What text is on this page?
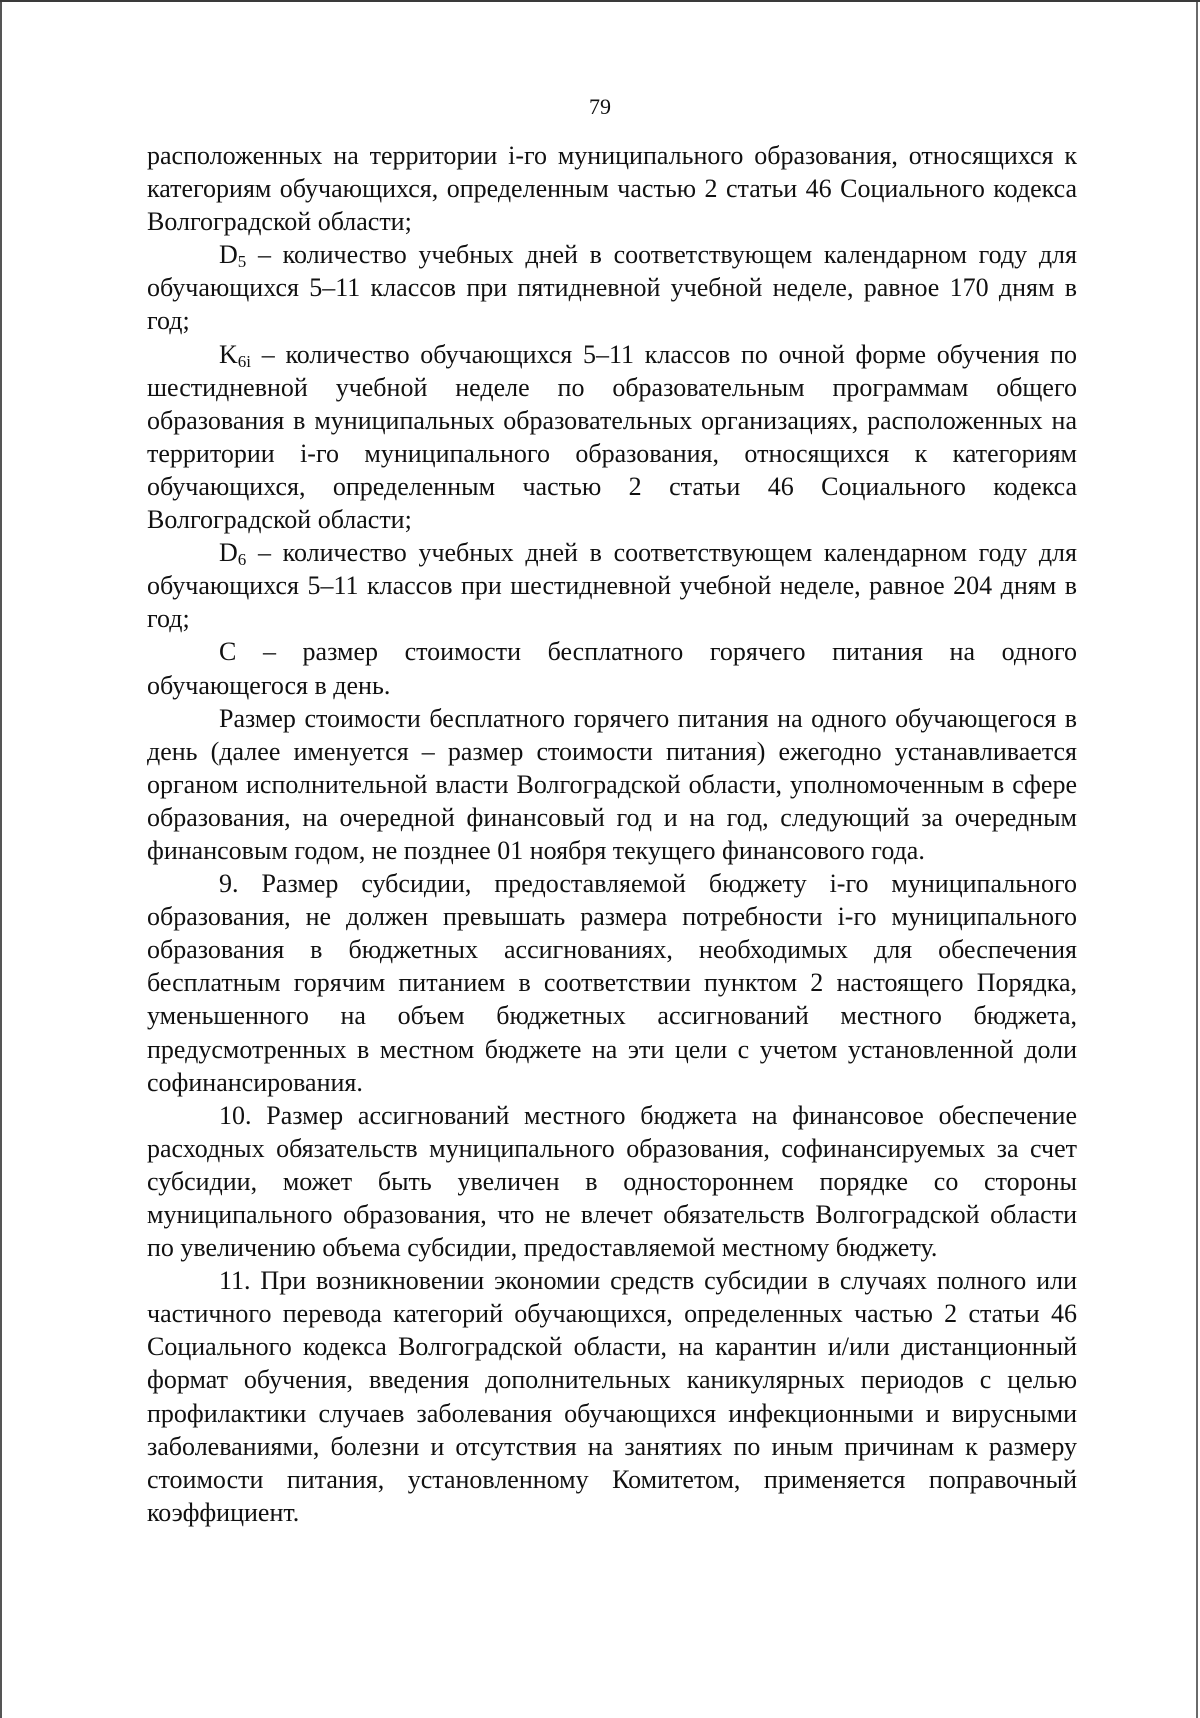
79

расположенных на территории i-го муниципального образования, относящихся к категориям обучающихся, определенным частью 2 статьи 46 Социального кодекса Волгоградской области;

$D_5$ – количество учебных дней в соответствующем календарном году для обучающихся 5–11 классов при пятидневной учебной неделе, равное 170 дням в год;

$K_{6i}$ – количество обучающихся 5–11 классов по очной форме обучения по шестидневной учебной неделе по образовательным программам общего образования в муниципальных образовательных организациях, расположенных на территории i-го муниципального образования, относящихся к категориям обучающихся, определенным частью 2 статьи 46 Социального кодекса Волгоградской области;

$D_6$ – количество учебных дней в соответствующем календарном году для обучающихся 5–11 классов при шестидневной учебной неделе, равное 204 дням в год;

С – размер стоимости бесплатного горячего питания на одного обучающегося в день.

Размер стоимости бесплатного горячего питания на одного обучающегося в день (далее именуется – размер стоимости питания) ежегодно устанавливается органом исполнительной власти Волгоградской области, уполномоченным в сфере образования, на очередной финансовый год и на год, следующий за очередным финансовым годом, не позднее 01 ноября текущего финансового года.

9. Размер субсидии, предоставляемой бюджету i-го муниципального образования, не должен превышать размера потребности i-го муниципального образования в бюджетных ассигнованиях, необходимых для обеспечения бесплатным горячим питанием в соответствии пунктом 2 настоящего Порядка, уменьшенного на объем бюджетных ассигнований местного бюджета, предусмотренных в местном бюджете на эти цели с учетом установленной доли софинансирования.

10. Размер ассигнований местного бюджета на финансовое обеспечение расходных обязательств муниципального образования, софинансируемых за счет субсидии, может быть увеличен в одностороннем порядке со стороны муниципального образования, что не влечет обязательств Волгоградской области по увеличению объема субсидии, предоставляемой местному бюджету.

11. При возникновении экономии средств субсидии в случаях полного или частичного перевода категорий обучающихся, определенных частью 2 статьи 46 Социального кодекса Волгоградской области, на карантин и/или дистанционный формат обучения, введения дополнительных каникулярных периодов с целью профилактики случаев заболевания обучающихся инфекционными и вирусными заболеваниями, болезни и отсутствия на занятиях по иным причинам к размеру стоимости питания, установленному Комитетом, применяется поправочный коэффициент.
